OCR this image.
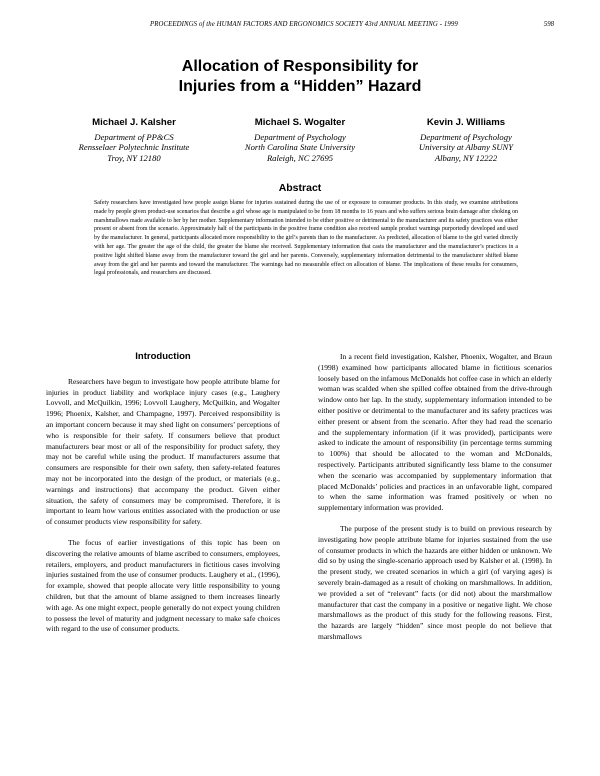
PROCEEDINGS of the HUMAN FACTORS AND ERGONOMICS SOCIETY 43rd ANNUAL MEETING - 1999	598
Allocation of Responsibility for
Injuries from a “Hidden” Hazard
Michael J. Kalsher
Department of PP&CS
Rensselaer Polytechnic Institute
Troy, NY 12180
Michael S. Wogalter
Department of Psychology
North Carolina State University
Raleigh, NC 27695
Kevin J. Williams
Department of Psychology
University at Albany SUNY
Albany, NY 12222
Abstract
Safety researchers have investigated how people assign blame for injuries sustained during the use of or exposure to consumer products. In this study, we examine attributions made by people given product-use scenarios that describe a girl whose age is manipulated to be from 18 months to 16 years and who suffers serious brain damage after choking on marshmallows made available to her by her mother. Supplementary information intended to be either positive or detrimental to the manufacturer and its safety practices was either present or absent from the scenario. Approximately half of the participants in the positive frame condition also received sample product warnings purportedly developed and used by the manufacturer. In general, participants allocated more responsibility to the girl’s parents than to the manufacturer. As predicted, allocation of blame to the girl varied directly with her age. The greater the age of the child, the greater the blame she received. Supplementary information that casts the manufacturer and the manufacturer’s practices in a positive light shifted blame away from the manufacturer toward the girl and her parents. Conversely, supplementary information detrimental to the manufacturer shifted blame away from the girl and her parents and toward the manufacturer. The warnings had no measurable effect on allocation of blame. The implications of these results for consumers, legal professionals, and researchers are discussed.
Introduction

Researchers have begun to investigate how people attribute blame for injuries in product liability and workplace injury cases (e.g., Laughery Lovvoll, and McQuilkin, 1996; Lovvoll Laughery, McQuilkin, and Wogalter 1996; Phoenix, Kalsher, and Champagne, 1997). Perceived responsibility is an important concern because it may shed light on consumers’ perceptions of who is responsible for their safety. If consumers believe that product manufacturers bear most or all of the responsibility for product safety, they may not be careful while using the product. If manufacturers assume that consumers are responsible for their own safety, then safety-related features may not be incorporated into the design of the product, or materials (e.g., warnings and instructions) that accompany the product. Given either situation, the safety of consumers may be compromised. Therefore, it is important to learn how various entities associated with the production or use of consumer products view responsibility for safety.

The focus of earlier investigations of this topic has been on discovering the relative amounts of blame ascribed to consumers, employees, retailers, employers, and product manufacturers in fictitious cases involving injuries sustained from the use of consumer products. Laughery et al., (1996), for example, showed that people allocate very little responsibility to young children, but that the amount of blame assigned to them increases linearly with age. As one might expect, people generally do not expect young children to possess the level of maturity and judgment necessary to make safe choices with regard to the use of consumer products.

In a recent field investigation, Kalsher, Phoenix, Wogalter, and Braun (1998) examined how participants allocated blame in fictitious scenarios loosely based on the infamous McDonalds hot coffee case in which an elderly woman was scalded when she spilled coffee obtained from the drive-through window onto her lap. In the study, supplementary information intended to be either positive or detrimental to the manufacturer and its safety practices was either present or absent from the scenario. After they had read the scenario and the supplementary information (if it was provided), participants were asked to indicate the amount of responsibility (in percentage terms summing to 100%) that should be allocated to the woman and McDonalds, respectively. Participants attributed significantly less blame to the consumer when the scenario was accompanied by supplementary information that placed McDonalds’ policies and practices in an unfavorable light, compared to when the same information was framed positively or when no supplementary information was provided.

The purpose of the present study is to build on previous research by investigating how people attribute blame for injuries sustained from the use of consumer products in which the hazards are either hidden or unknown. We did so by using the single-scenario approach used by Kalsher et al. (1998). In the present study, we created scenarios in which a girl (of varying ages) is severely brain-damaged as a result of choking on marshmallows. In addition, we provided a set of “relevant” facts (or did not) about the marshmallow manufacturer that cast the company in a positive or negative light. We chose marshmallows as the product of this study for the following reasons. First, the hazards are largely “hidden” since most people do not believe that marshmallows
